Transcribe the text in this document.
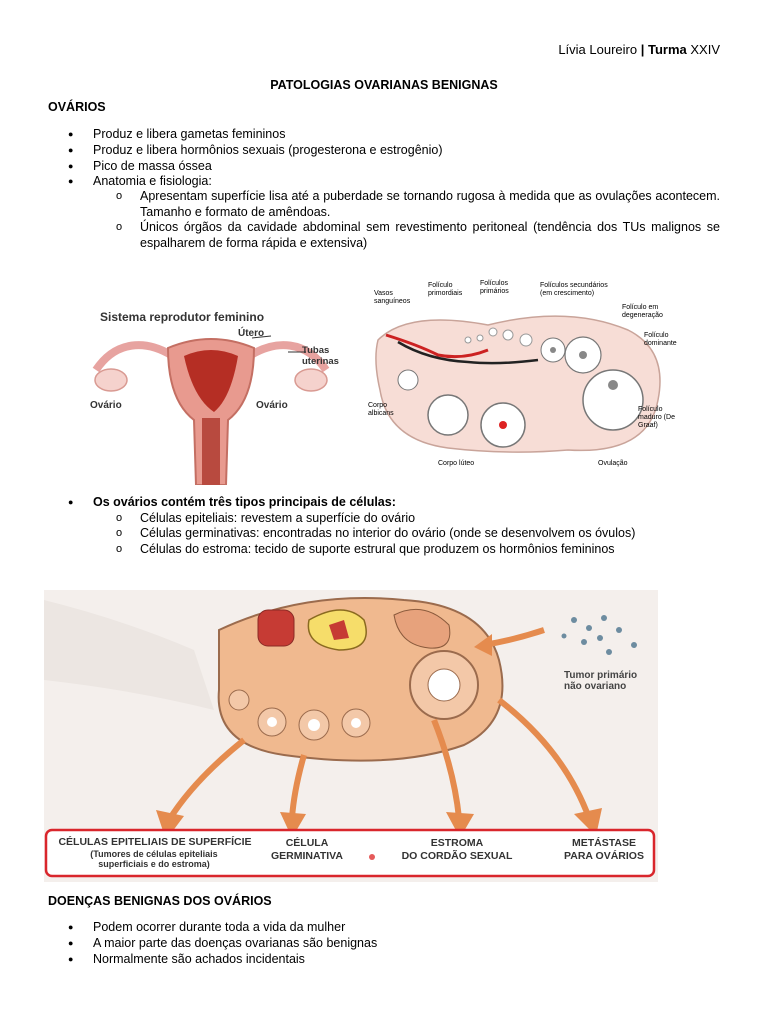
Lívia Loureiro | Turma XXIV
PATOLOGIAS OVARIANAS BENIGNAS
OVÁRIOS
● Produz e libera gametas femininos
● Produz e libera hormônios sexuais (progesterona e estrogênio)
● Pico de massa óssea
● Anatomia e fisiologia:
o Apresentam superfície lisa até a puberdade se tornando rugosa à medida que as ovulações acontecem. Tamanho e formato de amêndoas.
o Únicos órgãos da cavidade abdominal sem revestimento peritoneal (tendência dos TUs malignos se espalharem de forma rápida e extensiva)
Sistema reprodutor feminino
Útero
Tubas uterinas
Ovário	Ovário
Vasos sanguíneos
Folículo primordiais
Folículos primários
Folículos secundários (em crescimento)
Folículo em degeneração
Folículo dominante
Corpo albicans
Folículo maduro (De Graaf)
Corpo lúteo	Ovulação
● Os ovários contém três tipos principais de células:
o Células epiteliais: revestem a superfície do ovário
o Células germinativas: encontradas no interior do ovário (onde se desenvolvem os óvulos)
o Células do estroma: tecido de suporte estrural que produzem os hormônios femininos
Tumor primário não ovariano
CÉLULAS EPITELIAIS DE SUPERFÍCIE
(Tumores de células epiteliais superficiais e do estroma)
CÉLULA
GERMINATIVA
ESTROMA
DO CORDÃO SEXUAL
METÁSTASE
PARA OVÁRIOS
DOENÇAS BENIGNAS DOS OVÁRIOS
● Podem ocorrer durante toda a vida da mulher
● A maior parte das doenças ovarianas são benignas
● Normalmente são achados incidentais
